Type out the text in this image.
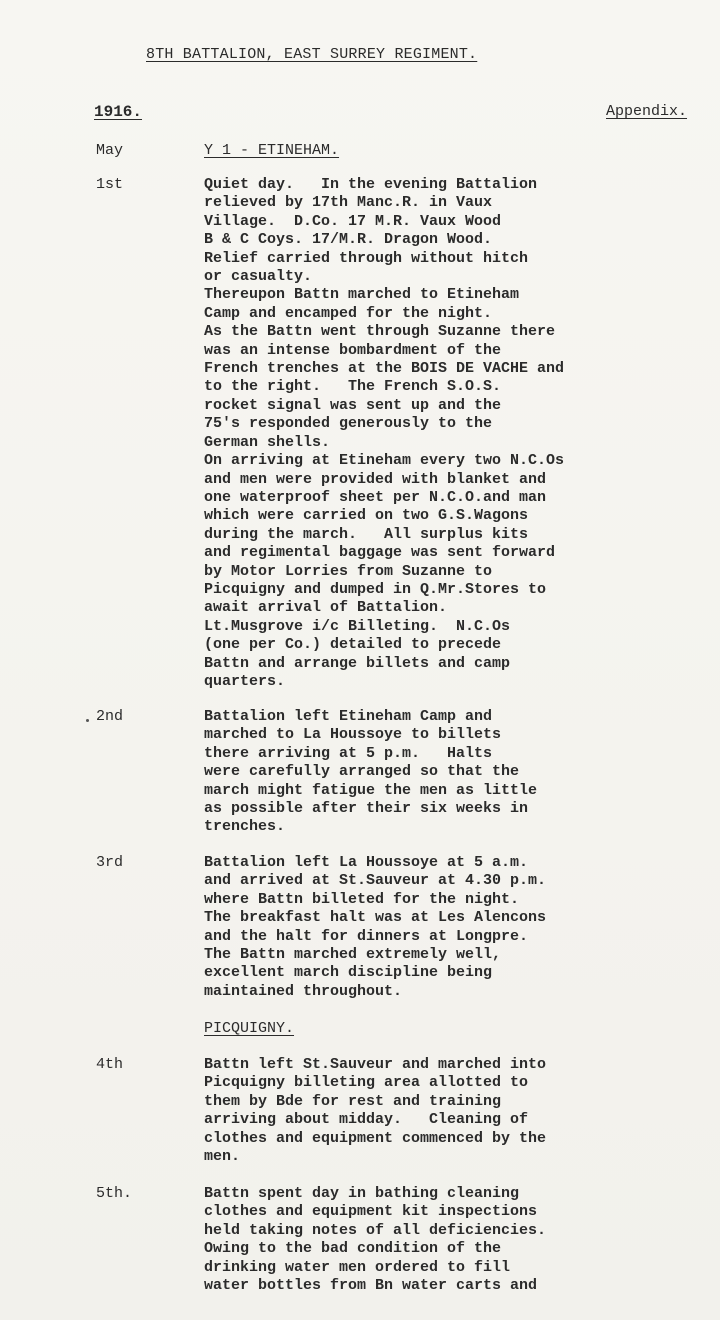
8TH BATTALION, EAST SURREY REGIMENT.
1916.	Appendix.
May	Y 1 - ETINEHAM.
1st	Quiet day.   In the evening Battalion
relieved by 17th Manc.R. in Vaux
Village.  D.Co. 17 M.R. Vaux Wood
B & C Coys. 17/M.R. Dragon Wood.
Relief carried through without hitch
or casualty.
Thereupon Battn marched to Etineham
Camp and encamped for the night.
As the Battn went through Suzanne there
was an intense bombardment of the
French trenches at the BOIS DE VACHE and
to the right.   The French S.O.S.
rocket signal was sent up and the
75's responded generously to the
German shells.
On arriving at Etineham every two N.C.Os
and men were provided with blanket and
one waterproof sheet per N.C.O.and man
which were carried on two G.S.Wagons
during the march.   All surplus kits
and regimental baggage was sent forward
by Motor Lorries from Suzanne to
Picquigny and dumped in Q.Mr.Stores to
await arrival of Battalion.
Lt.Musgrove i/c Billeting.  N.C.Os
(one per Co.) detailed to precede
Battn and arrange billets and camp
quarters.
2nd	Battalion left Etineham Camp and
marched to La Houssoye to billets
there arriving at 5 p.m.   Halts
were carefully arranged so that the
march might fatigue the men as little
as possible after their six weeks in
trenches.
3rd	Battalion left La Houssoye at 5 a.m.
and arrived at St.Sauveur at 4.30 p.m.
where Battn billeted for the night.
The breakfast halt was at Les Alencons
and the halt for dinners at Longpre.
The Battn marched extremely well,
excellent march discipline being
maintained throughout.
PICQUIGNY.
4th	Battn left St.Sauveur and marched into
Picquigny billeting area allotted to
them by Bde for rest and training
arriving about midday.   Cleaning of
clothes and equipment commenced by the
men.
5th.	Battn spent day in bathing cleaning
clothes and equipment kit inspections
held taking notes of all deficiencies.
Owing to the bad condition of the
drinking water men ordered to fill
water bottles from Bn water carts and
